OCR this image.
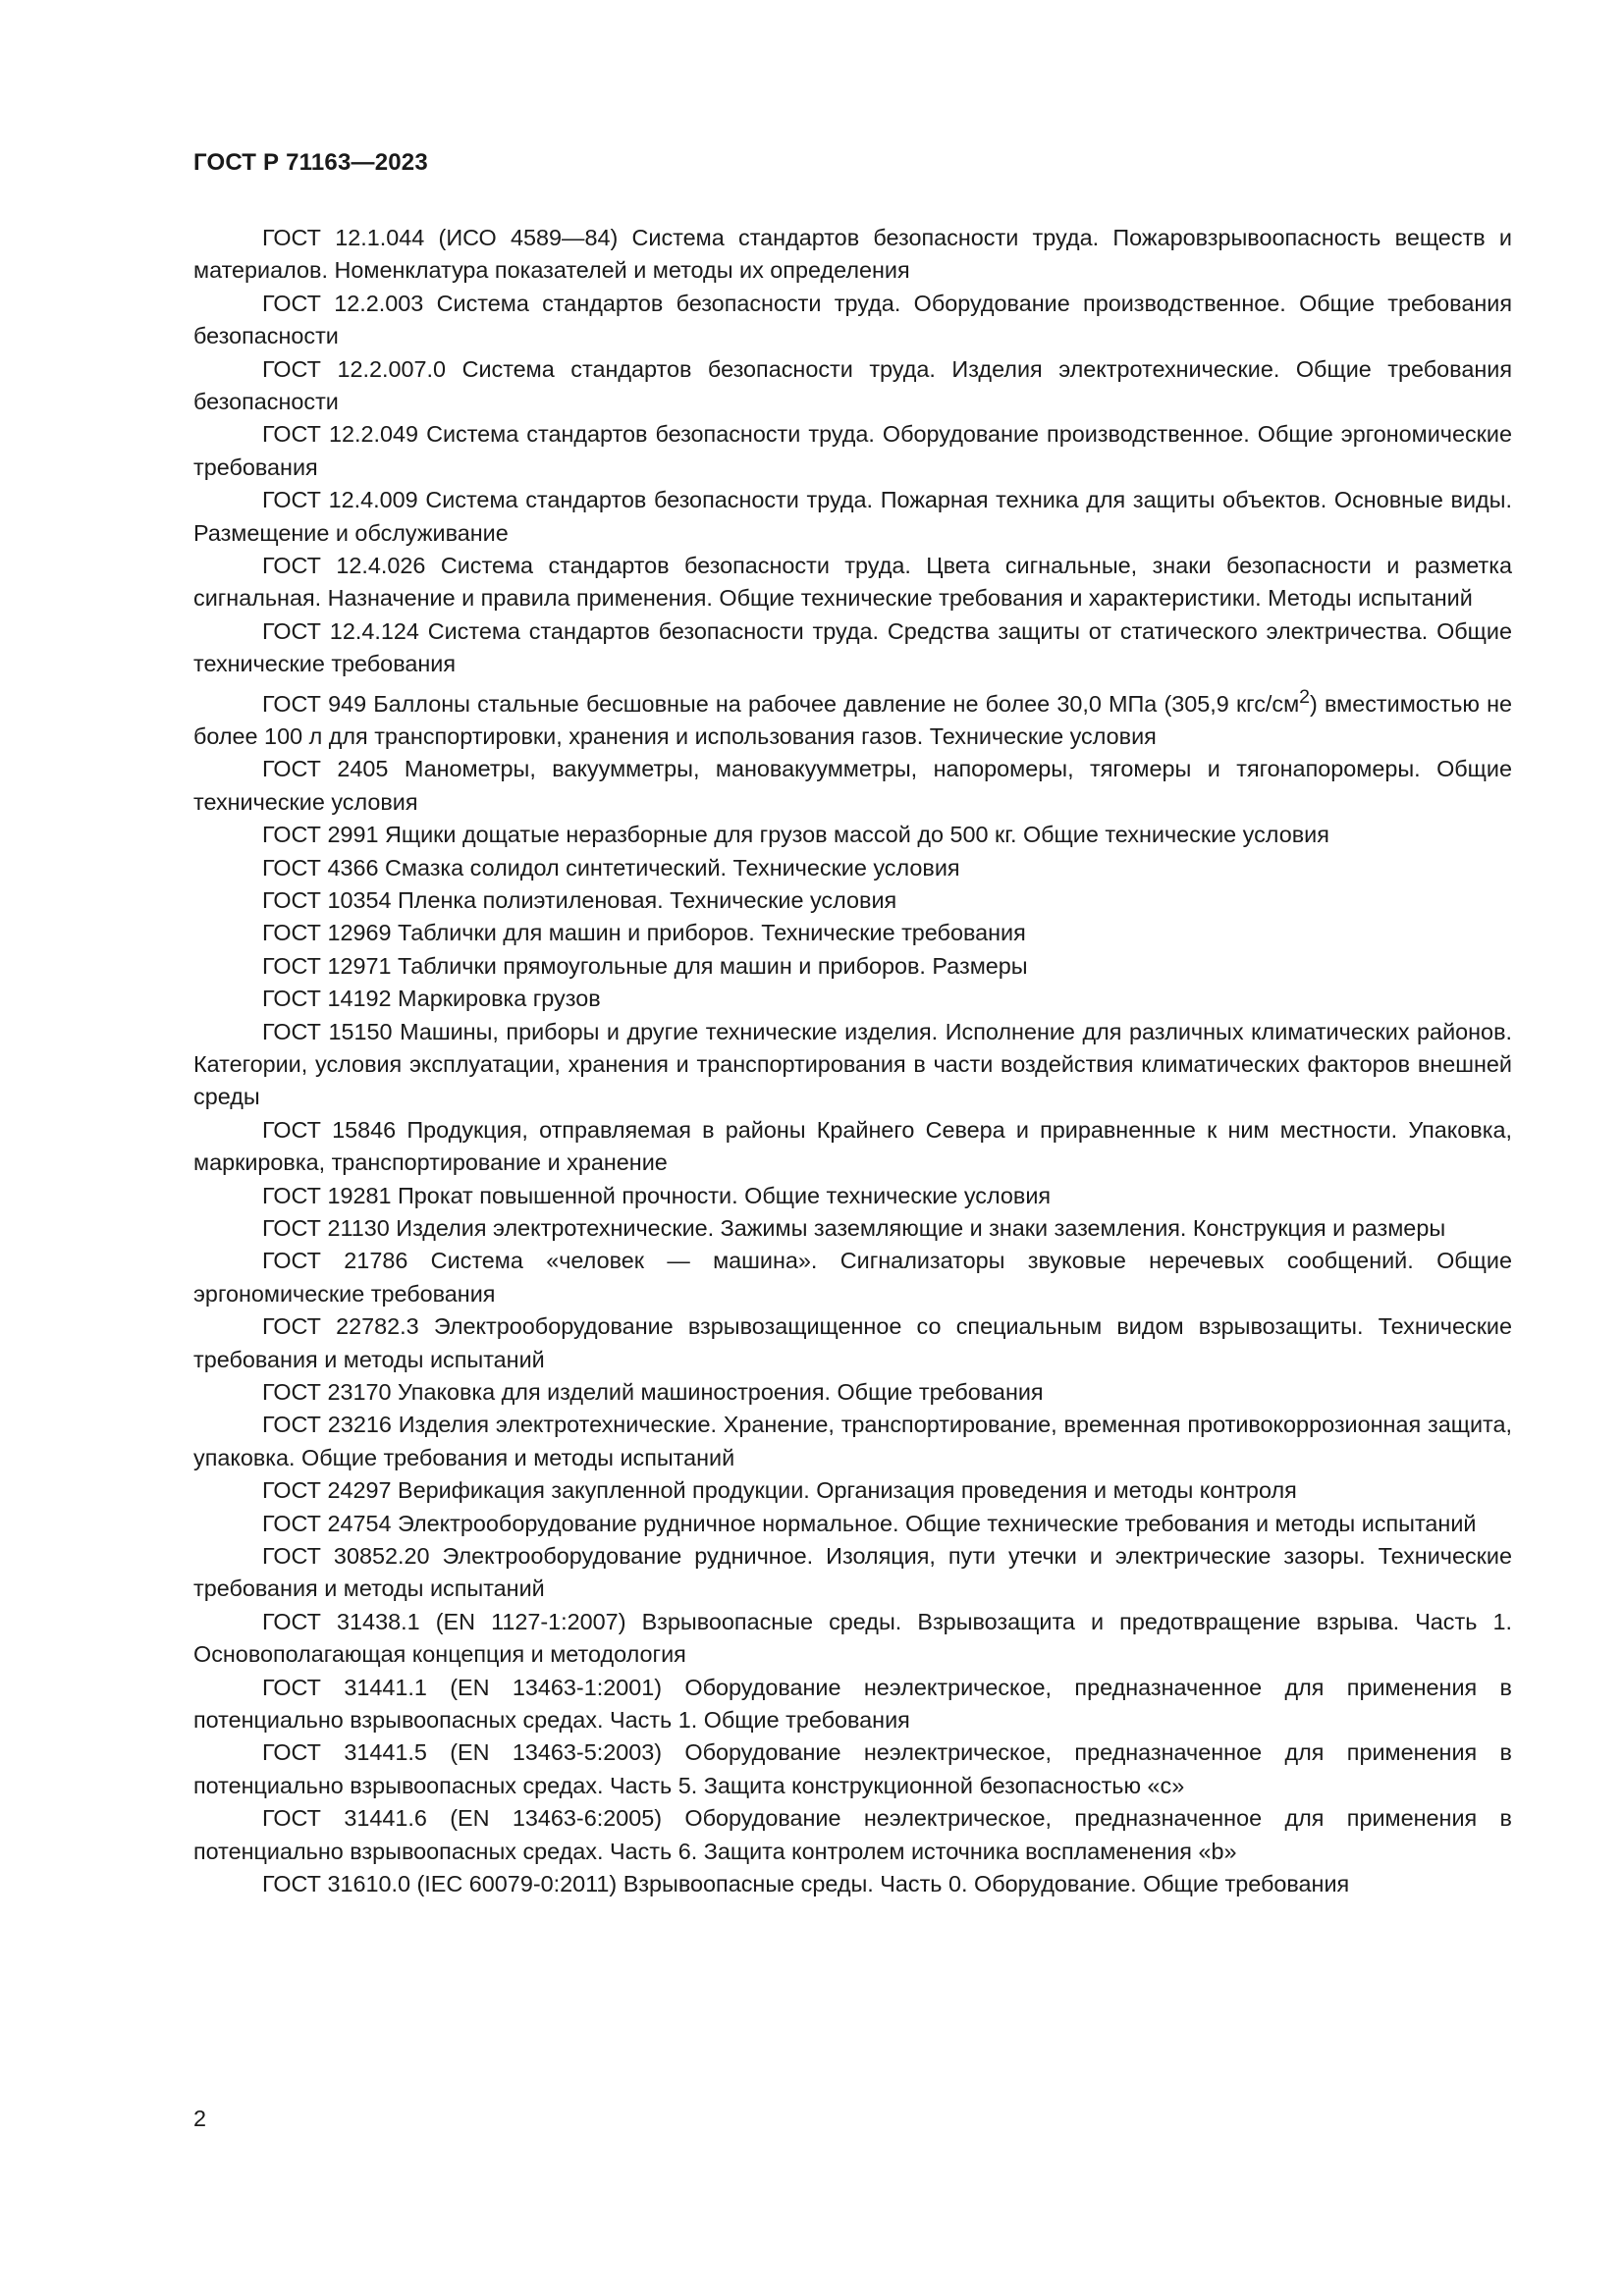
ГОСТ Р 71163—2023

ГОСТ 12.1.044 (ИСО 4589—84) Система стандартов безопасности труда. Пожаровзрывоопасность веществ и материалов. Номенклатура показателей и методы их определения

ГОСТ 12.2.003 Система стандартов безопасности труда. Оборудование производственное. Общие требования безопасности

ГОСТ 12.2.007.0 Система стандартов безопасности труда. Изделия электротехнические. Общие требования безопасности

ГОСТ 12.2.049 Система стандартов безопасности труда. Оборудование производственное. Общие эргономические требования

ГОСТ 12.4.009 Система стандартов безопасности труда. Пожарная техника для защиты объектов. Основные виды. Размещение и обслуживание

ГОСТ 12.4.026 Система стандартов безопасности труда. Цвета сигнальные, знаки безопасности и разметка сигнальная. Назначение и правила применения. Общие технические требования и характеристики. Методы испытаний

ГОСТ 12.4.124 Система стандартов безопасности труда. Средства защиты от статического электричества. Общие технические требования

ГОСТ 949 Баллоны стальные бесшовные на рабочее давление не более 30,0 МПа (305,9 кгс/$см^2$) вместимостью не более 100 л для транспортировки, хранения и использования газов. Технические условия

ГОСТ 2405 Манометры, вакуумметры, мановакуумметры, напоромеры, тягомеры и тягонапоромеры. Общие технические условия

ГОСТ 2991 Ящики дощатые неразборные для грузов массой до 500 кг. Общие технические условия

ГОСТ 4366 Смазка солидол синтетический. Технические условия

ГОСТ 10354 Пленка полиэтиленовая. Технические условия

ГОСТ 12969 Таблички для машин и приборов. Технические требования

ГОСТ 12971 Таблички прямоугольные для машин и приборов. Размеры

ГОСТ 14192 Маркировка грузов

ГОСТ 15150 Машины, приборы и другие технические изделия. Исполнение для различных климатических районов. Категории, условия эксплуатации, хранения и транспортирования в части воздействия климатических факторов внешней среды

ГОСТ 15846 Продукция, отправляемая в районы Крайнего Севера и приравненные к ним местности. Упаковка, маркировка, транспортирование и хранение

ГОСТ 19281 Прокат повышенной прочности. Общие технические условия

ГОСТ 21130 Изделия электротехнические. Зажимы заземляющие и знаки заземления. Конструкция и размеры

ГОСТ 21786 Система «человек — машина». Сигнализаторы звуковые неречевых сообщений. Общие эргономические требования

ГОСТ 22782.3 Электрооборудование взрывозащищенное со специальным видом взрывозащиты. Технические требования и методы испытаний

ГОСТ 23170 Упаковка для изделий машиностроения. Общие требования

ГОСТ 23216 Изделия электротехнические. Хранение, транспортирование, временная противокоррозионная защита, упаковка. Общие требования и методы испытаний

ГОСТ 24297 Верификация закупленной продукции. Организация проведения и методы контроля

ГОСТ 24754 Электрооборудование рудничное нормальное. Общие технические требования и методы испытаний

ГОСТ 30852.20 Электрооборудование рудничное. Изоляция, пути утечки и электрические зазоры. Технические требования и методы испытаний

ГОСТ 31438.1 (EN 1127-1:2007) Взрывоопасные среды. Взрывозащита и предотвращение взрыва. Часть 1. Основополагающая концепция и методология

ГОСТ 31441.1 (EN 13463-1:2001) Оборудование неэлектрическое, предназначенное для применения в потенциально взрывоопасных средах. Часть 1. Общие требования

ГОСТ 31441.5 (EN 13463-5:2003) Оборудование неэлектрическое, предназначенное для применения в потенциально взрывоопасных средах. Часть 5. Защита конструкционной безопасностью «с»

ГОСТ 31441.6 (EN 13463-6:2005) Оборудование неэлектрическое, предназначенное для применения в потенциально взрывоопасных средах. Часть 6. Защита контролем источника воспламенения «b»

ГОСТ 31610.0 (IEC 60079-0:2011) Взрывоопасные среды. Часть 0. Оборудование. Общие требования

2
